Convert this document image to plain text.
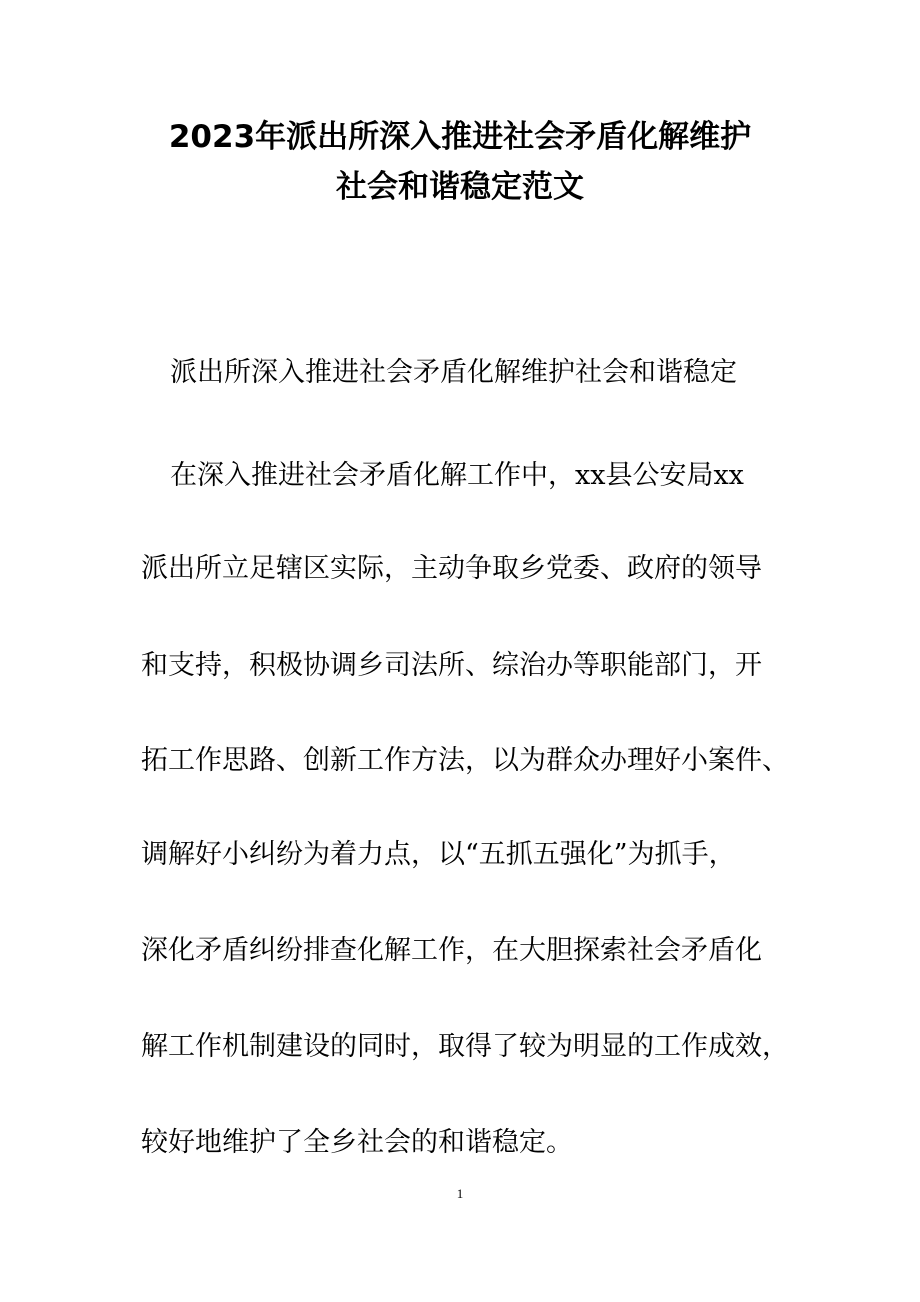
2023年派出所深入推进社会矛盾化解维护
社会和谐稳定范文

派出所深入推进社会矛盾化解维护社会和谐稳定

在深入推进社会矛盾化解工作中，xx县公安局xx

派出所立足辖区实际，主动争取乡党委、政府的领导

和支持，积极协调乡司法所、综治办等职能部门，开

拓工作思路、创新工作方法，以为群众办理好小案件、

调解好小纠纷为着力点，以“五抓五强化”为抓手，

深化矛盾纠纷排查化解工作，在大胆探索社会矛盾化

解工作机制建设的同时，取得了较为明显的工作成效，

较好地维护了全乡社会的和谐稳定。

1
